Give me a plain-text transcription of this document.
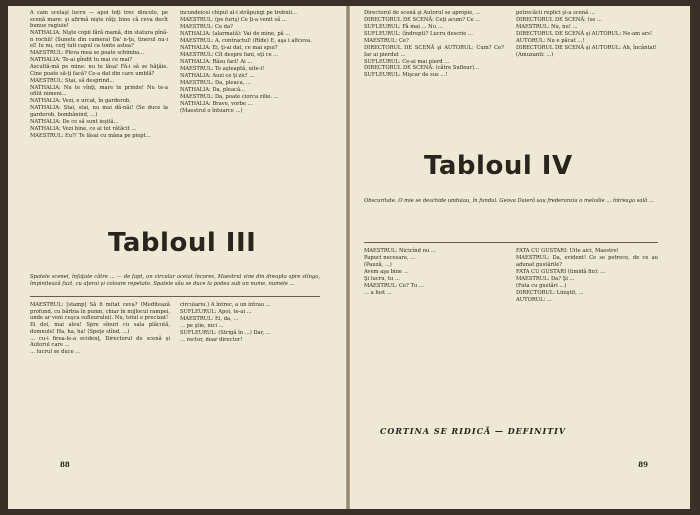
A cam scelaşi lucru — apoi toţi trec dincolo, pe scenă mare: şi afirmă nişte răţi; bine că ceva decît bunue ragiuie!

NATHALIA: Nişte copii fără mamă, din statura pînă-n rochii! (Sunete din camera) Da' n-ţu, tinerul nu-i el! Iu nu, cerj tuti capul ca tonte astea?

MAESTRUL: Pleva mea se poate schimba...

NATHALIA: Te-ai gîndit tu mai ce mai?

Ascultă-mă pe mine: nu te lăsa! Fă-i să se hăţăie. Cine poate să-ţi facă? Ce-a dat din care umblă?

MAESTRUL: Stai, să desprind...

NATHALIA: Nu te vînţi, mare te prinde! Nu te-a ofilit nimeni...

NATHALIA: Vezi, e urcat, în garderob.

NATHALIA: Stai, stai, nu mai dă-năi! (Se duce la garderob, bombănind, ...)

NATHALIA: De ce să sunt ieşită...

NATHALIA: Vezi bine, ce ai tot rătăcit ...

MAESTRUL: Eu?! Te lăsai cu mâna pe piept...

incondeicei chipul al-i străpungi pe trebuii...

MAESTRUL: (pe furiş) Ce ţi-a venit să ...

MAESTRUL: Ce da?

NATHALIA: (alarmată): Vai de mine, pă ...

MAESTRUL: A, contractul! (Rîde) E, aşa i altceva.

NATHALIA: Ei, ţi-ai dat, ce mai spui?

MAESTRUL: Cît despre fani, eţi ce ...

NATHALIA: Răsu faci! Ai ...

MAESTRUL: Te aşteaptă, uite-i!

NATHALIA: Auzi ce ţi zic! ...

MAESTRUL: Da, pleaca, ...

NATHALIA: Da, pleacă...

MAESTRUL: Da, poate ciorca zilie. ...

NATHALIA: Bravo, vorbe ...

(Maestrul o întoarce ...)

Tabloul III
Spatele scenei, înfaţate către ... — de fapt, un circular aceiat încores, Maestrul vine din dreapta spre stînga, împinitează fuzt, cu aţerai şi coloare repetate. Spatele său se duce la podea sub un nume, numele ...

MAESTRUL: [stamp] Să fi mitat ceva? (Meditează profund, cu bărbia în pumn, chiar în mijlocul rampei, unde ar veni cuşca sufleurului). Nu, totul e precizat!

Ei doi, mai aleu! Spre sînuri cu sala plăcută, domnule! Ha, ha, ha! (Speţe stînd, ...)

... cu-i firea-le-a ecidenţ, Directorul de scenă şi Autorul care ...

... lucrul se duce ...

circulariu.) A întrec, a un intrau ...

SUFLEURUL: Apoi, te-ai ...

MAESTRUL: Ei, da, ...

... pe ştie, nici ...

SUFLEURUL: (Strigă în ...) Dar, ...

... rector, doar director!

88

Directorul de scenă şi Autorul se apropie, ...

DIRECTORUL DE SCENĂ: Ceţi acum? Ce ...

SUFLEURUL: Fă mai ... Nu ...

SUFLEURUL: (îndrept)? Lucru descrie ...

MAESTRUL: Ce?

DIRECTORUL DE SCENĂ şi AUTORUL: Cum? Ce? Iar ai pierdut ...

SUFLEURUL: Ce-ai mai pierd ...

DIRECTORUL DE SCENĂ: (către Sufleur)...

SUFLEURUL: Mişcar de sus ...!

petrecăcii replici şi-a scenă ...

DIRECTORUL DE SCENĂ: (se ...

MAESTRUL: Nu, nu! ...

DIRECTORUL DE SCENĂ şi AUTORUL: Ne-am ars!

AUTORUL: Nu e păcat ...!

DIRECTORUL DE SCENĂ şi AUTORUL: Ah, încântat!

(Amuzanti: ...)

Tabloul IV
Obscuritate. O mie se deschide unduiau, în fundul. Geova Daieră sau frederanzia o meloăie ... întreaga sală ...

MAESTRUL: Nicicînd nu ...

Papuci necesare, ...

(Pauză, ...)

Avem aşa bine ...

Şi lucru, tu ...

MAESTRUL: Ce? Tu ...

... a fost ...

FATA CU GUSTARI: Uite aici, Maestre!

MAESTRUL: Da, evident! Ce se petrece, de ce au adunat gustările?

FATA CU GUSTARI (timidă fin): ...

MAESTRUL: Da? Şi ...

(Fata cu gustări ...)

DIRECTORUL: Liniştit, ...

AUTORUL: ...

CORTINA SE RIDICĂ — DEFINITIV
89
